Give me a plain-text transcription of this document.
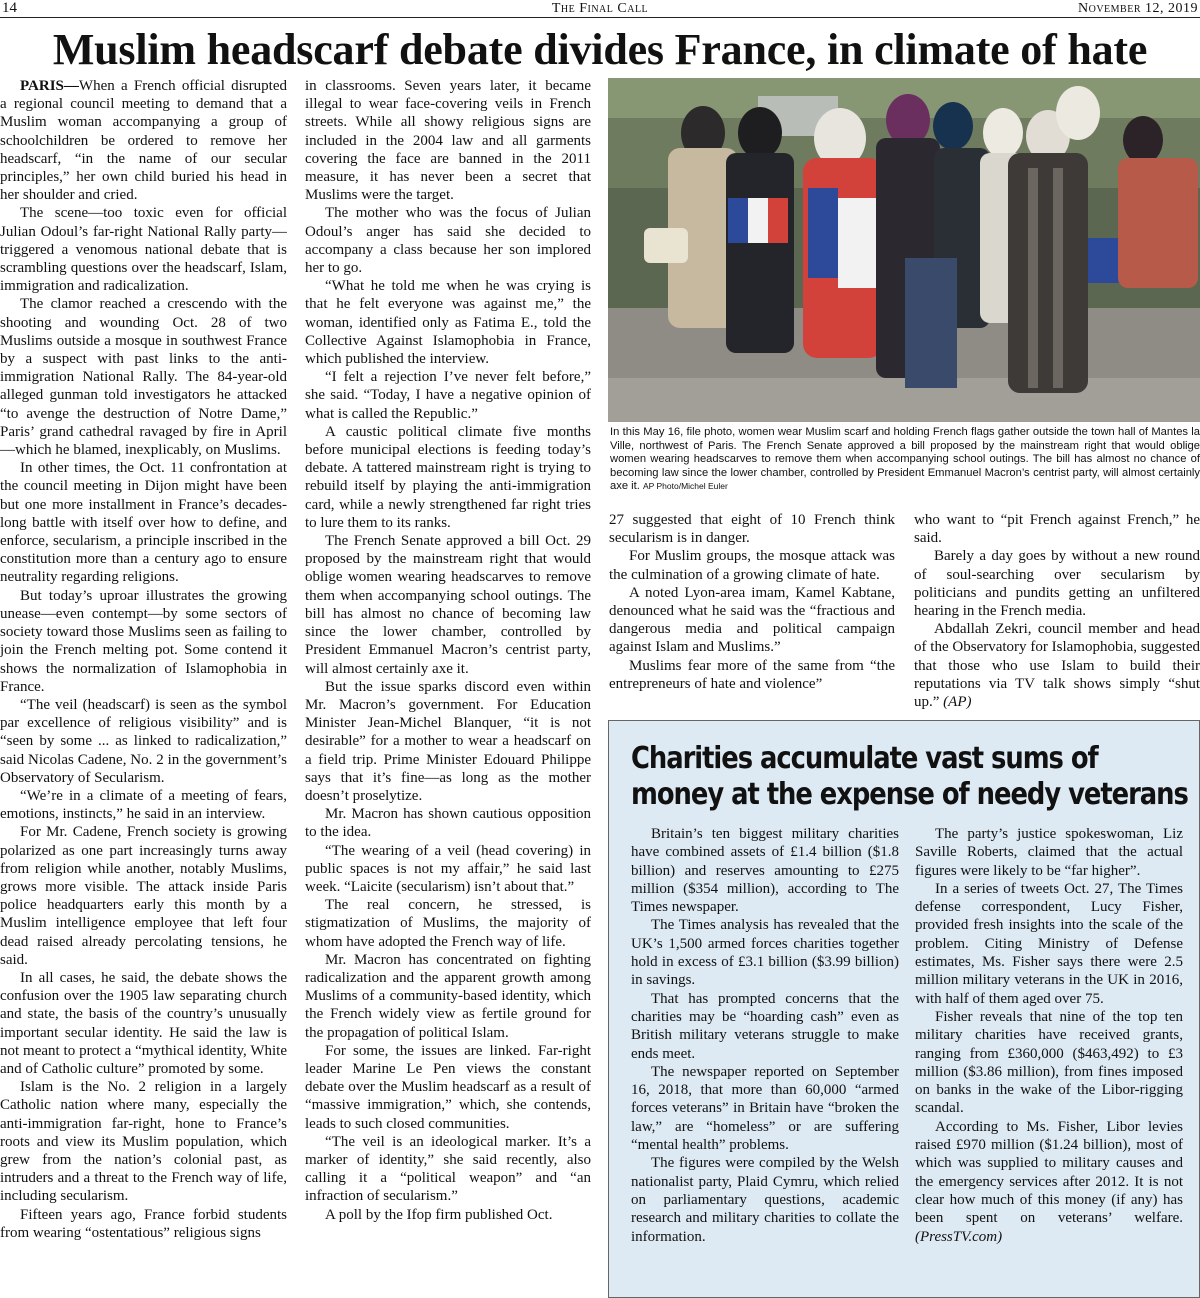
14	The Final Call	November 12, 2019
Muslim headscarf debate divides France, in climate of hate

PARIS—When a French official disrupted a regional council meeting to demand that a Muslim woman accompanying a group of schoolchildren be ordered to remove her headscarf, “in the name of our secular principles,” her own child buried his head in her shoulder and cried.

The scene—too toxic even for official Julian Odoul’s far-right National Rally party—triggered a venomous national debate that is scrambling questions over the headscarf, Islam, immigration and radicalization.

The clamor reached a crescendo with the shooting and wounding Oct. 28 of two Muslims outside a mosque in southwest France by a suspect with past links to the anti-immigration National Rally. The 84-year-old alleged gunman told investigators he attacked “to avenge the destruction of Notre Dame,” Paris’ grand cathedral ravaged by fire in April—which he blamed, inexplicably, on Muslims.

In other times, the Oct. 11 confrontation at the council meeting in Dijon might have been but one more installment in France’s decades-long battle with itself over how to define, and enforce, secularism, a principle inscribed in the constitution more than a century ago to ensure neutrality regarding religions.

But today’s uproar illustrates the growing unease—even contempt—by some sectors of society toward those Muslims seen as failing to join the French melting pot. Some contend it shows the normalization of Islamophobia in France.

“The veil (headscarf) is seen as the symbol par excellence of religious visibility” and is “seen by some ... as linked to radicalization,” said Nicolas Cadene, No. 2 in the government’s Observatory of Secularism.

“We’re in a climate of a meeting of fears, emotions, instincts,” he said in an interview.

For Mr. Cadene, French society is growing polarized as one part increasingly turns away from religion while another, notably Muslims, grows more visible. The attack inside Paris police headquarters early this month by a Muslim intelligence employee that left four dead raised already percolating tensions, he said.

In all cases, he said, the debate shows the confusion over the 1905 law separating church and state, the basis of the country’s unusually important secular identity. He said the law is not meant to protect a “mythical identity, White and of Catholic culture” promoted by some.

Islam is the No. 2 religion in a largely Catholic nation where many, especially the anti-immigration far-right, hone to France’s roots and view its Muslim population, which grew from the nation’s colonial past, as intruders and a threat to the French way of life, including secularism.

Fifteen years ago, France forbid students from wearing “ostentatious” religious signs

in classrooms. Seven years later, it became illegal to wear face-covering veils in French streets. While all showy religious signs are included in the 2004 law and all garments covering the face are banned in the 2011 measure, it has never been a secret that Muslims were the target.

The mother who was the focus of Julian Odoul’s anger has said she decided to accompany a class because her son implored her to go.

“What he told me when he was crying is that he felt everyone was against me,” the woman, identified only as Fatima E., told the Collective Against Islamophobia in France, which published the interview.

“I felt a rejection I’ve never felt before,” she said. “Today, I have a negative opinion of what is called the Republic.”

A caustic political climate five months before municipal elections is feeding today’s debate. A tattered mainstream right is trying to rebuild itself by playing the anti-immigration card, while a newly strengthened far right tries to lure them to its ranks.

The French Senate approved a bill Oct. 29 proposed by the mainstream right that would oblige women wearing headscarves to remove them when accompanying school outings. The bill has almost no chance of becoming law since the lower chamber, controlled by President Emmanuel Macron’s centrist party, will almost certainly axe it.

But the issue sparks discord even within Mr. Macron’s government. For Education Minister Jean-Michel Blanquer, “it is not desirable” for a mother to wear a headscarf on a field trip. Prime Minister Edouard Philippe says that it’s fine—as long as the mother doesn’t proselytize.

Mr. Macron has shown cautious opposition to the idea.

“The wearing of a veil (head covering) in public spaces is not my affair,” he said last week. “Laicite (secularism) isn’t about that.”

The real concern, he stressed, is stigmatization of Muslims, the majority of whom have adopted the French way of life.

Mr. Macron has concentrated on fighting radicalization and the apparent growth among Muslims of a community-based identity, which the French widely view as fertile ground for the propagation of political Islam.

For some, the issues are linked. Far-right leader Marine Le Pen views the constant debate over the Muslim headscarf as a result of “massive immigration,” which, she contends, leads to such closed communities.

“The veil is an ideological marker. It’s a marker of identity,” she said recently, also calling it a “political weapon” and “an infraction of secularism.”

A poll by the Ifop firm published Oct.

In this May 16, file photo, women wear Muslim scarf and holding French flags gather outside the town hall of Mantes la Ville, northwest of Paris. The French Senate approved a bill proposed by the mainstream right that would oblige women wearing headscarves to remove them when accompanying school outings. The bill has almost no chance of becoming law since the lower chamber, controlled by President Emmanuel Macron’s centrist party, will almost certainly axe it. AP Photo/Michel Euler

27 suggested that eight of 10 French think secularism is in danger.

For Muslim groups, the mosque attack was the culmination of a growing climate of hate.

A noted Lyon-area imam, Kamel Kabtane, denounced what he said was the “fractious and dangerous media and political campaign against Islam and Muslims.”

Muslims fear more of the same from “the entrepreneurs of hate and violence”

who want to “pit French against French,” he said.

Barely a day goes by without a new round of soul-searching over secularism by politicians and pundits getting an unfiltered hearing in the French media.

Abdallah Zekri, council member and head of the Observatory for Islamophobia, suggested that those who use Islam to build their reputations via TV talk shows simply “shut up.” (AP)

Charities accumulate vast sums of
money at the expense of needy veterans

Britain’s ten biggest military charities have combined assets of £1.4 billion ($1.8 billion) and reserves amounting to £275 million ($354 million), according to The Times newspaper.

The Times analysis has revealed that the UK’s 1,500 armed forces charities together hold in excess of £3.1 billion ($3.99 billion) in savings.

That has prompted concerns that the charities may be “hoarding cash” even as British military veterans struggle to make ends meet.

The newspaper reported on September 16, 2018, that more than 60,000 “armed forces veterans” in Britain have “broken the law,” are “homeless” or are suffering “mental health” problems.

The figures were compiled by the Welsh nationalist party, Plaid Cymru, which relied on parliamentary questions, academic research and military charities to collate the information.

The party’s justice spokeswoman, Liz Saville Roberts, claimed that the actual figures were likely to be “far higher”.

In a series of tweets Oct. 27, The Times defense correspondent, Lucy Fisher, provided fresh insights into the scale of the problem. Citing Ministry of Defense estimates, Ms. Fisher says there were 2.5 million military veterans in the UK in 2016, with half of them aged over 75.

Fisher reveals that nine of the top ten military charities have received grants, ranging from £360,000 ($463,492) to £3 million ($3.86 million), from fines imposed on banks in the wake of the Libor-rigging scandal.

According to Ms. Fisher, Libor levies raised £970 million ($1.24 billion), most of which was supplied to military causes and the emergency services after 2012. It is not clear how much of this money (if any) has been spent on veterans’ welfare. (PressTV.com)
